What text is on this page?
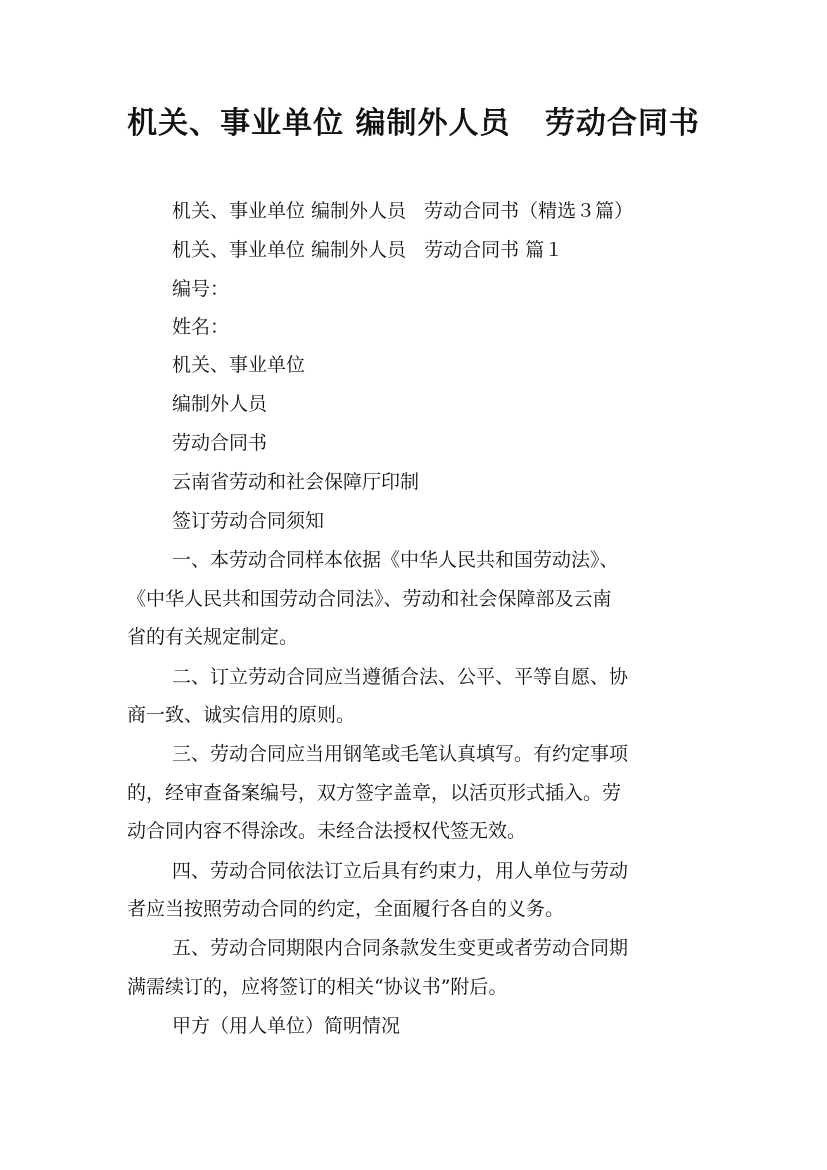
机关、事业单位 编制外人员   劳动合同书
机关、事业单位 编制外人员   劳动合同书（精选３篇）
机关、事业单位 编制外人员   劳动合同书 篇１
编号：
姓名：
机关、事业单位
编制外人员
劳动合同书
云南省劳动和社会保障厅印制
签订劳动合同须知
一、本劳动合同样本依据《中华人民共和国劳动法》、
《中华人民共和国劳动合同法》、劳动和社会保障部及云南
省的有关规定制定。
二、订立劳动合同应当遵循合法、公平、平等自愿、协
商一致、诚实信用的原则。
三、劳动合同应当用钢笔或毛笔认真填写。有约定事项
的，经审查备案编号，双方签字盖章，以活页形式插入。劳
动合同内容不得涂改。未经合法授权代签无效。
四、劳动合同依法订立后具有约束力，用人单位与劳动
者应当按照劳动合同的约定，全面履行各自的义务。
五、劳动合同期限内合同条款发生变更或者劳动合同期
满需续订的，应将签订的相关“协议书”附后。
甲方（用人单位）简明情况
